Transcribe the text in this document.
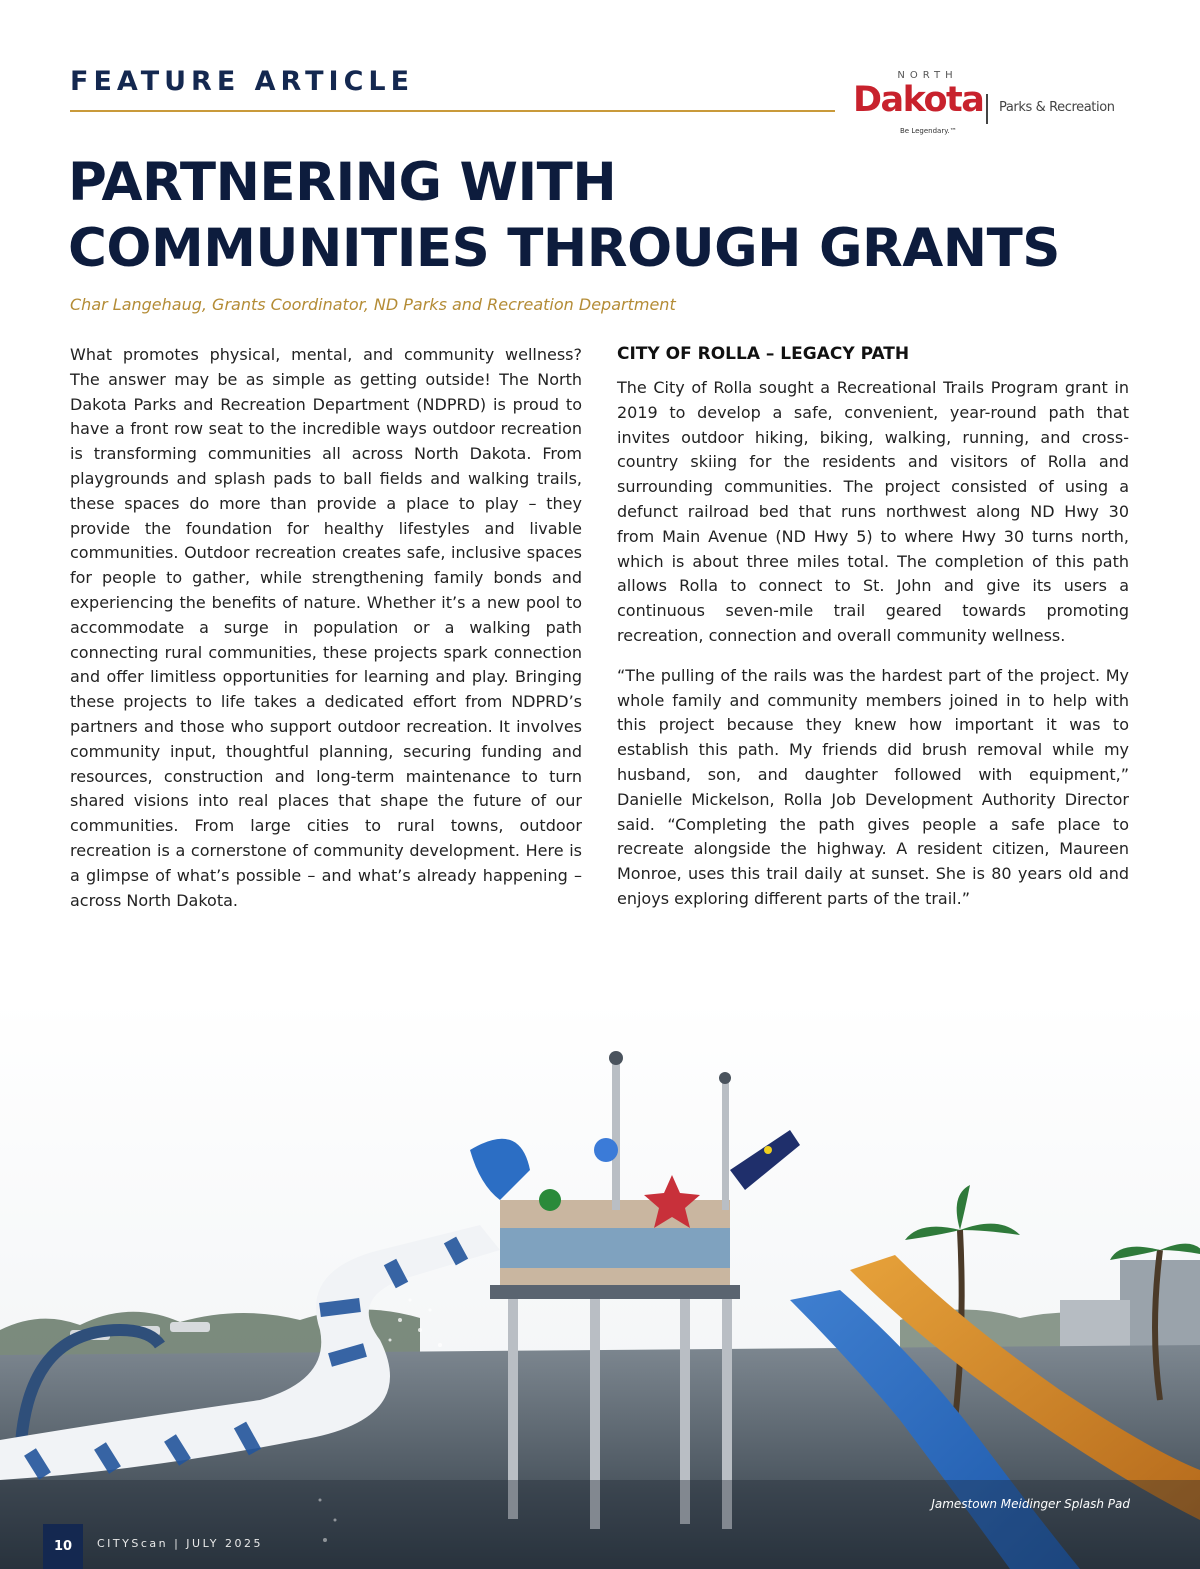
FEATURE ARTICLE	NORTH
Dakota
Be Legendary.™
Parks & Recreation
PARTNERING WITH
COMMUNITIES THROUGH GRANTS
Char Langehaug, Grants Coordinator, ND Parks and Recreation Department

What promotes physical, mental, and community wellness? The answer may be as simple as getting outside! The North Dakota Parks and Recreation Department (NDPRD) is proud to have a front row seat to the incredible ways outdoor recreation is transforming communities all across North Dakota. From playgrounds and splash pads to ball fields and walking trails, these spaces do more than provide a place to play – they provide the foundation for healthy lifestyles and livable communities. Outdoor recreation creates safe, inclusive spaces for people to gather, while strengthening family bonds and experiencing the benefits of nature. Whether it’s a new pool to accommodate a surge in population or a walking path connecting rural communities, these projects spark connection and offer limitless opportunities for learning and play. Bringing these projects to life takes a dedicated effort from NDPRD’s partners and those who support outdoor recreation. It involves community input, thoughtful planning, securing funding and resources, construction and long-term maintenance to turn shared visions into real places that shape the future of our communities. From large cities to rural towns, outdoor recreation is a cornerstone of community development. Here is a glimpse of what’s possible – and what’s already happening – across North Dakota.

CITY OF ROLLA – LEGACY PATH

The City of Rolla sought a Recreational Trails Program grant in 2019 to develop a safe, convenient, year-round path that invites outdoor hiking, biking, walking, running, and cross-country skiing for the residents and visitors of Rolla and surrounding communities. The project consisted of using a defunct railroad bed that runs northwest along ND Hwy 30 from Main Avenue (ND Hwy 5) to where Hwy 30 turns north, which is about three miles total. The completion of this path allows Rolla to connect to St. John and give its users a continuous seven-mile trail geared towards promoting recreation, connection and overall community wellness.

“The pulling of the rails was the hardest part of the project. My whole family and community members joined in to help with this project because they knew how important it was to establish this path. My friends did brush removal while my husband, son, and daughter followed with equipment,” Danielle Mickelson, Rolla Job Development Authority Director said. “Completing the path gives people a safe place to recreate alongside the highway. A resident citizen, Maureen Monroe, uses this trail daily at sunset. She is 80 years old and enjoys exploring different parts of the trail.”

Jamestown Meidinger Splash Pad
10	CITYScan | JULY 2025
